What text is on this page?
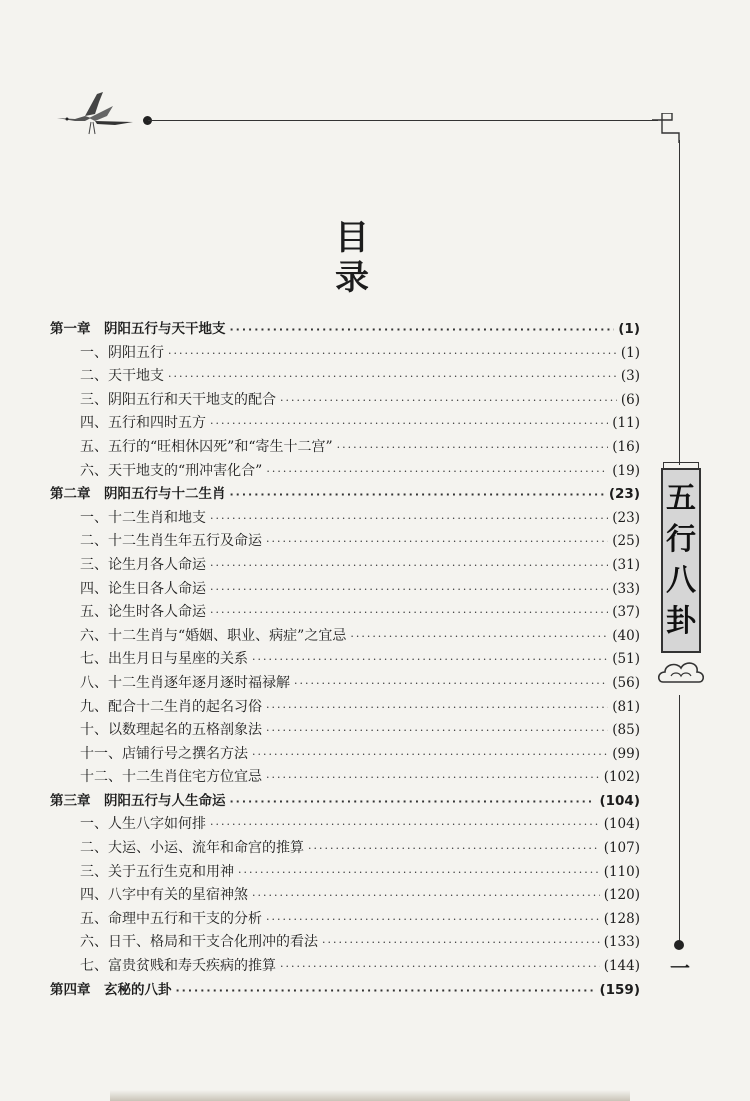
五
行
八
卦
一
目 录
第一章　阴阳五行与天干地支 ·····	(1)
一、阴阳五行 ·····	(1)
二、天干地支 ·····	(3)
三、阴阳五行和天干地支的配合 ·····	(6)
四、五行和四时五方 ·····	(11)
五、五行的“旺相休囚死”和“寄生十二宫” ·····	(16)
六、天干地支的“刑冲害化合” ·····	(19)
第二章　阴阳五行与十二生肖 ·····	(23)
一、十二生肖和地支 ·····	(23)
二、十二生肖生年五行及命运 ·····	(25)
三、论生月各人命运 ·····	(31)
四、论生日各人命运 ·····	(33)
五、论生时各人命运 ·····	(37)
六、十二生肖与“婚姻、职业、病症”之宜忌 ·····	(40)
七、出生月日与星座的关系 ·····	(51)
八、十二生肖逐年逐月逐时福禄解 ·····	(56)
九、配合十二生肖的起名习俗 ·····	(81)
十、以数理起名的五格剖象法 ·····	(85)
十一、店铺行号之撰名方法 ·····	(99)
十二、十二生肖住宅方位宜忌 ·····	(102)
第三章　阴阳五行与人生命运 ·····	(104)
一、人生八字如何排 ·····	(104)
二、大运、小运、流年和命宫的推算 ·····	(107)
三、关于五行生克和用神 ·····	(110)
四、八字中有关的星宿神煞 ·····	(120)
五、命理中五行和干支的分析 ·····	(128)
六、日干、格局和干支合化刑冲的看法 ·····	(133)
七、富贵贫贱和寿夭疾病的推算 ·····	(144)
第四章　玄秘的八卦 ·····	(159)
